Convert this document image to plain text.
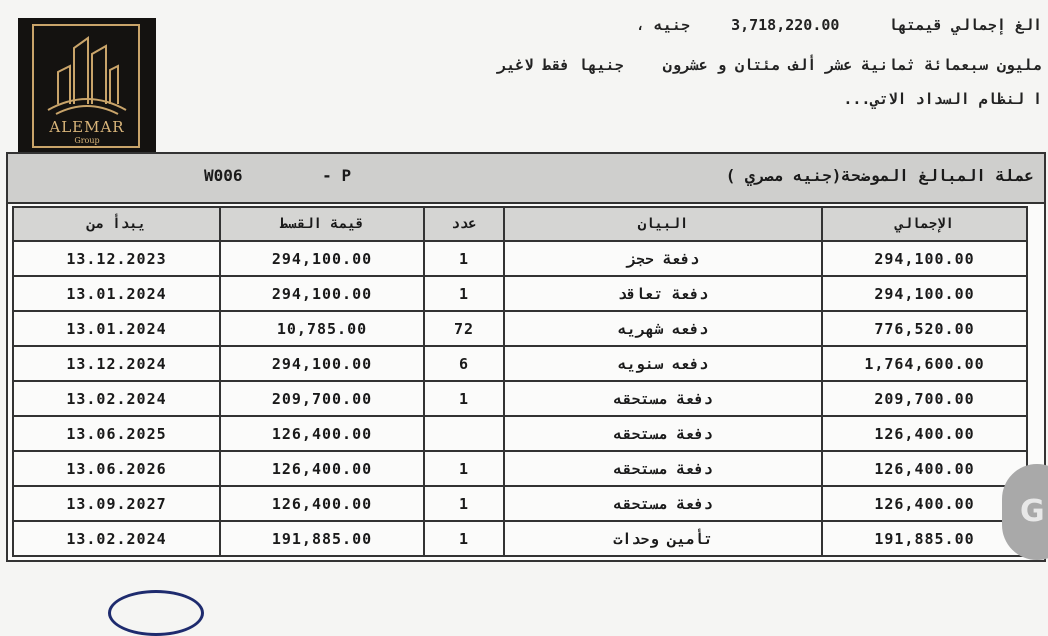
ALEMAR
Group
الغ إجمالي قيمتها 3,718,220.00 جنيه ،
مليون سبعمائة ثمانية عشر ألف مئتان و عشرون جنيها فقط لاغير
ا لنظام السداد الاتي...
W006	- P	عملة المبالغ الموضحة(جنيه مصري )
يبدأ من	قيمة القسط	عدد	البيان	الإجمالي
13.12.2023	294,100.00	1	دفعة حجز	294,100.00
13.01.2024	294,100.00	1	دفعة تعاقد	294,100.00
13.01.2024	10,785.00	72	دفعه شهريه	776,520.00
13.12.2024	294,100.00	6	دفعه سنويه	1,764,600.00
13.02.2024	209,700.00	1	دفعة مستحقه	209,700.00
13.06.2025	126,400.00		دفعة مستحقه	126,400.00
13.06.2026	126,400.00	1	دفعة مستحقه	126,400.00
13.09.2027	126,400.00	1	دفعة مستحقه	126,400.00
13.02.2024	191,885.00	1	تأمين وحدات	191,885.00
G
